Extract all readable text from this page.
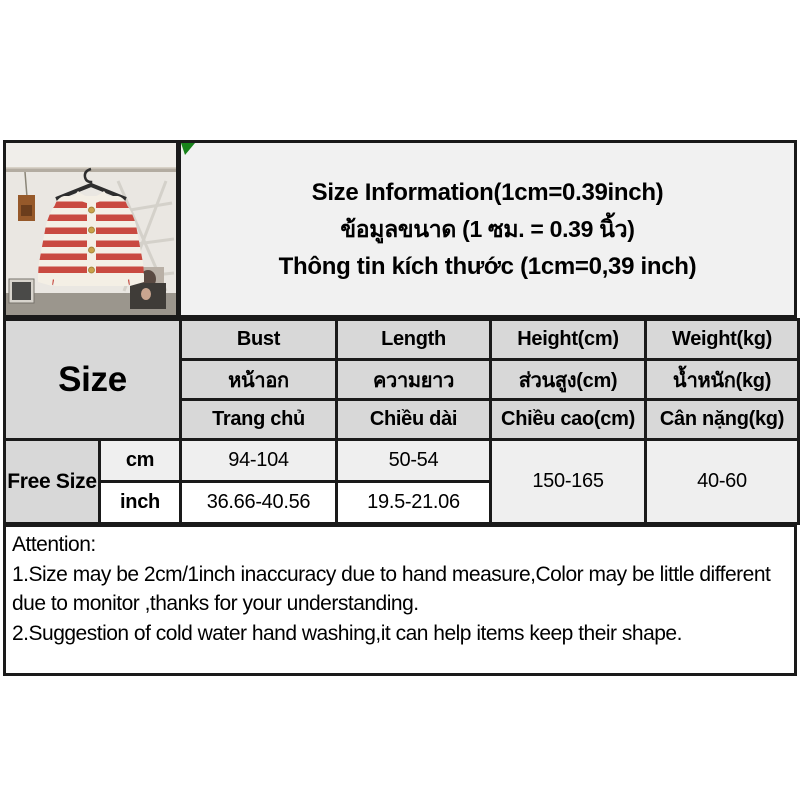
Size Information(1cm=0.39inch)
ข้อมูลขนาด (1 ซม. = 0.39 นิ้ว)
Thông tin kích thước (1cm=0,39 inch)
Size		Bust	Length	Height(cm)	Weight(kg)
		หน้าอก	ความยาว	ส่วนสูง(cm)	น้ำหนัก(kg)
		Trang chủ	Chiều dài	Chiều cao(cm)	Cân nặng(kg)
Free Size	cm	94-104	50-54	150-165	40-60
	inch	36.66-40.56	19.5-21.06		
Attention:
1.Size may be 2cm/1inch inaccuracy due to hand measure,Color may be little different due to monitor ,thanks for your understanding.
2.Suggestion of cold water hand washing,it can help items keep their shape.
